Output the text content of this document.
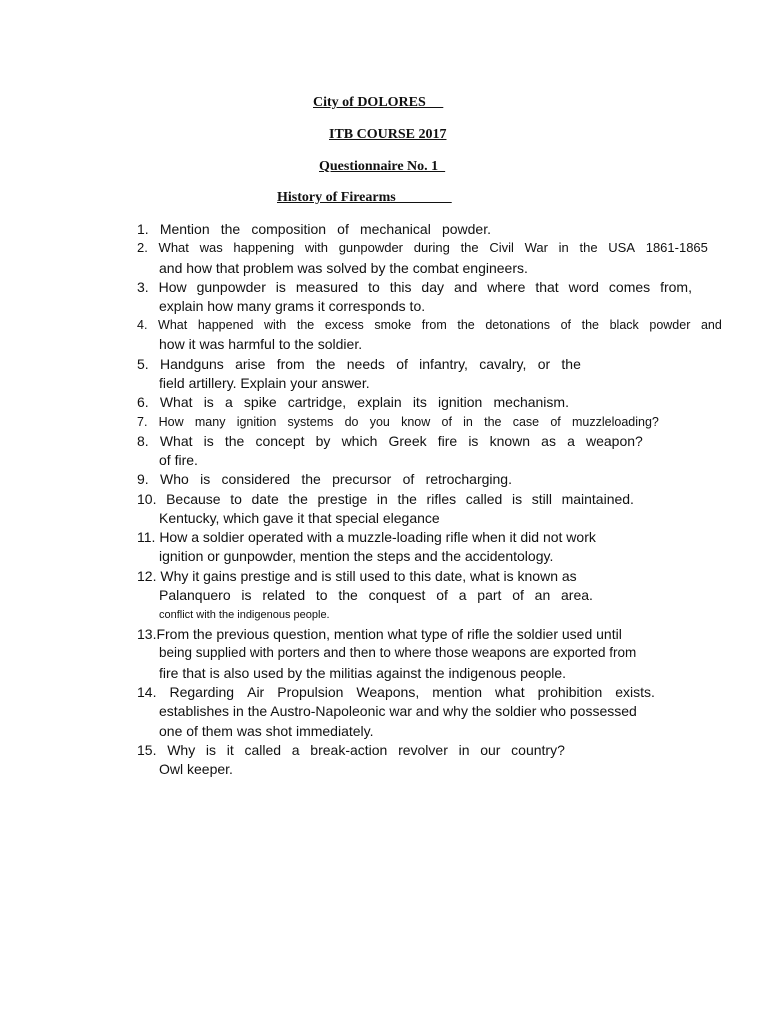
City of DOLORES
ITB COURSE 2017
Questionnaire No. 1
History of Firearms
1. Mention the composition of mechanical powder.
2. What was happening with gunpowder during the Civil War in the USA 1861-1865
and how that problem was solved by the combat engineers.
3. How gunpowder is measured to this day and where that word comes from,
explain how many grams it corresponds to.
4. What happened with the excess smoke from the detonations of the black powder and
how it was harmful to the soldier.
5. Handguns arise from the needs of infantry, cavalry, or the
field artillery. Explain your answer.
6. What is a spike cartridge, explain its ignition mechanism.
7. How many ignition systems do you know of in the case of muzzleloading?
8. What is the concept by which Greek fire is known as a weapon?
of fire.
9. Who is considered the precursor of retrocharging.
10. Because to date the prestige in the rifles called is still maintained.
Kentucky, which gave it that special elegance
11. How a soldier operated with a muzzle-loading rifle when it did not work
ignition or gunpowder, mention the steps and the accidentology.
12. Why it gains prestige and is still used to this date, what is known as
Palanquero is related to the conquest of a part of an area.
conflict with the indigenous people.
13.From the previous question, mention what type of rifle the soldier used until
being supplied with porters and then to where those weapons are exported from
fire that is also used by the militias against the indigenous people.
14. Regarding Air Propulsion Weapons, mention what prohibition exists.
establishes in the Austro-Napoleonic war and why the soldier who possessed
one of them was shot immediately.
15. Why is it called a break-action revolver in our country?
Owl keeper.
